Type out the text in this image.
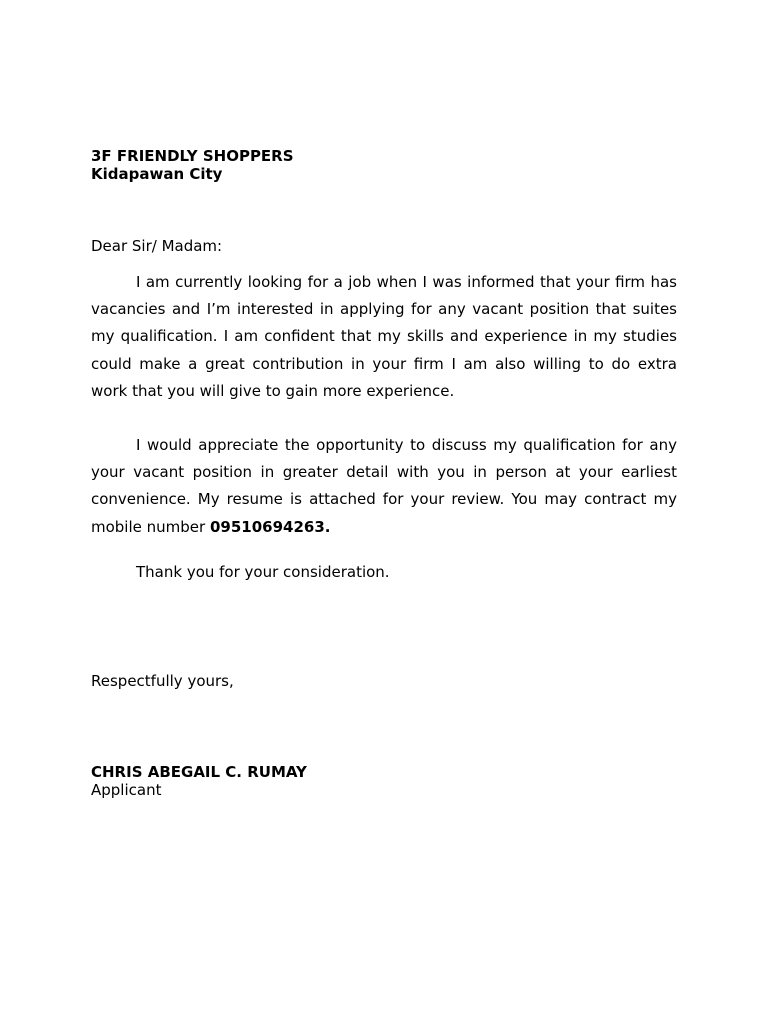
3F FRIENDLY SHOPPERS
Kidapawan City
Dear Sir/ Madam:

I am currently looking for a job when I was informed that your firm has vacancies and I’m interested in applying for any vacant position that suites my qualification. I am confident that my skills and experience in my studies could make a great contribution in your firm I am also willing to do extra work that you will give to gain more experience.

I would appreciate the opportunity to discuss my qualification for any your vacant position in greater detail with you in person at your earliest convenience. My resume is attached for your review. You may contract my mobile number 09510694263.

Thank you for your consideration.

Respectfully yours,
CHRIS ABEGAIL C. RUMAY
Applicant
